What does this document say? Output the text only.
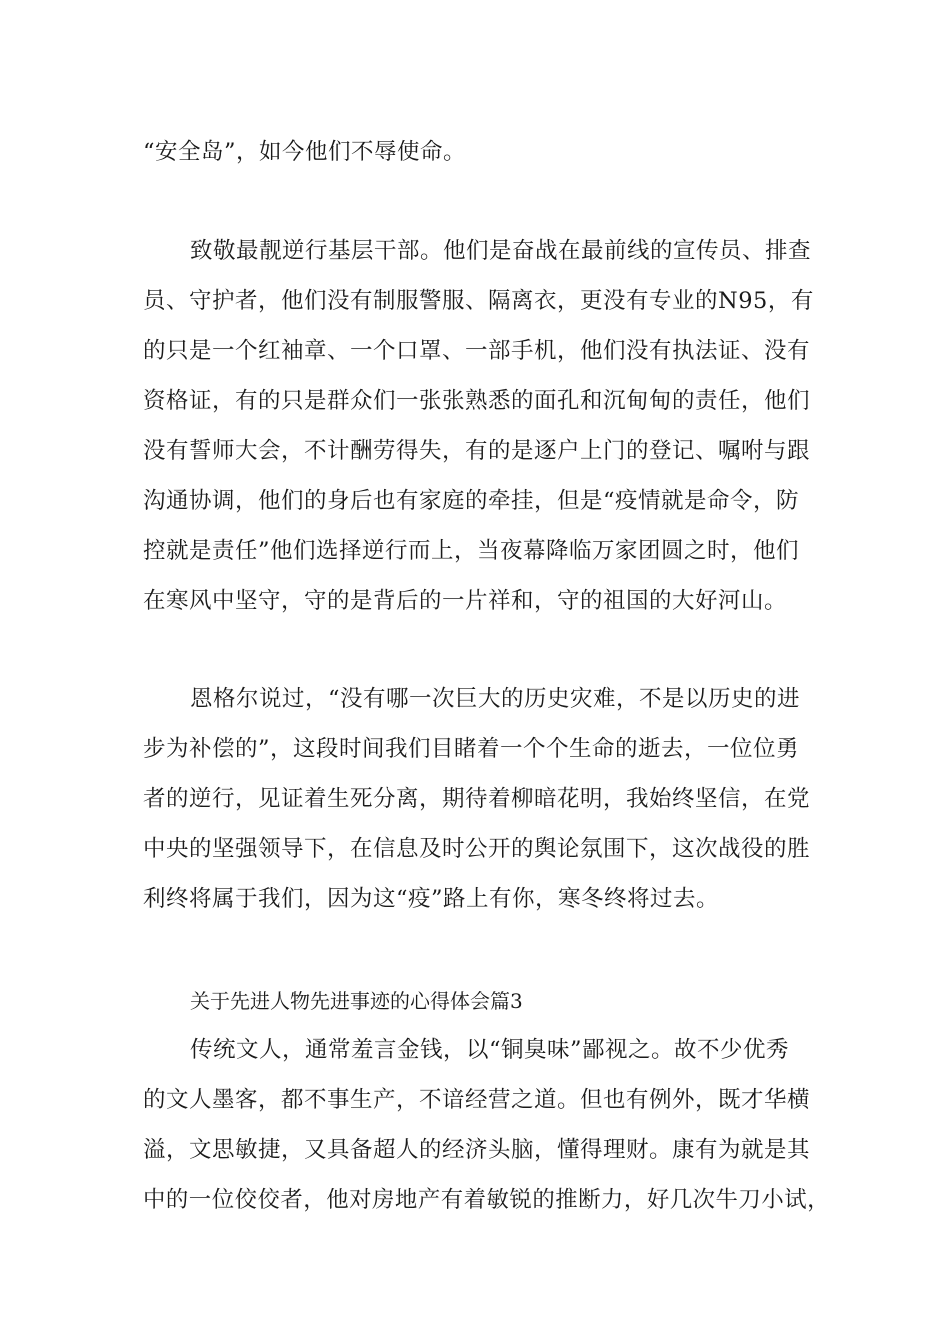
“安全岛”，如今他们不辱使命。
致敬最靓逆行基层干部。他们是奋战在最前线的宣传员、排查
员、守护者，他们没有制服警服、隔离衣，更没有专业的N95，有
的只是一个红袖章、一个口罩、一部手机，他们没有执法证、没有
资格证，有的只是群众们一张张熟悉的面孔和沉甸甸的责任，他们
没有誓师大会，不计酬劳得失，有的是逐户上门的登记、嘱咐与跟
沟通协调，他们的身后也有家庭的牵挂，但是“疫情就是命令，防
控就是责任”他们选择逆行而上，当夜幕降临万家团圆之时，他们
在寒风中坚守，守的是背后的一片祥和，守的祖国的大好河山。
恩格尔说过，“没有哪一次巨大的历史灾难，不是以历史的进
步为补偿的”，这段时间我们目睹着一个个生命的逝去，一位位勇
者的逆行，见证着生死分离，期待着柳暗花明，我始终坚信，在党
中央的坚强领导下，在信息及时公开的舆论氛围下，这次战役的胜
利终将属于我们，因为这“疫”路上有你，寒冬终将过去。
关于先进人物先进事迹的心得体会篇3
传统文人，通常羞言金钱，以“铜臭味”鄙视之。故不少优秀
的文人墨客，都不事生产，不谙经营之道。但也有例外，既才华横
溢，文思敏捷，又具备超人的经济头脑，懂得理财。康有为就是其
中的一位佼佼者，他对房地产有着敏锐的推断力，好几次牛刀小试，
